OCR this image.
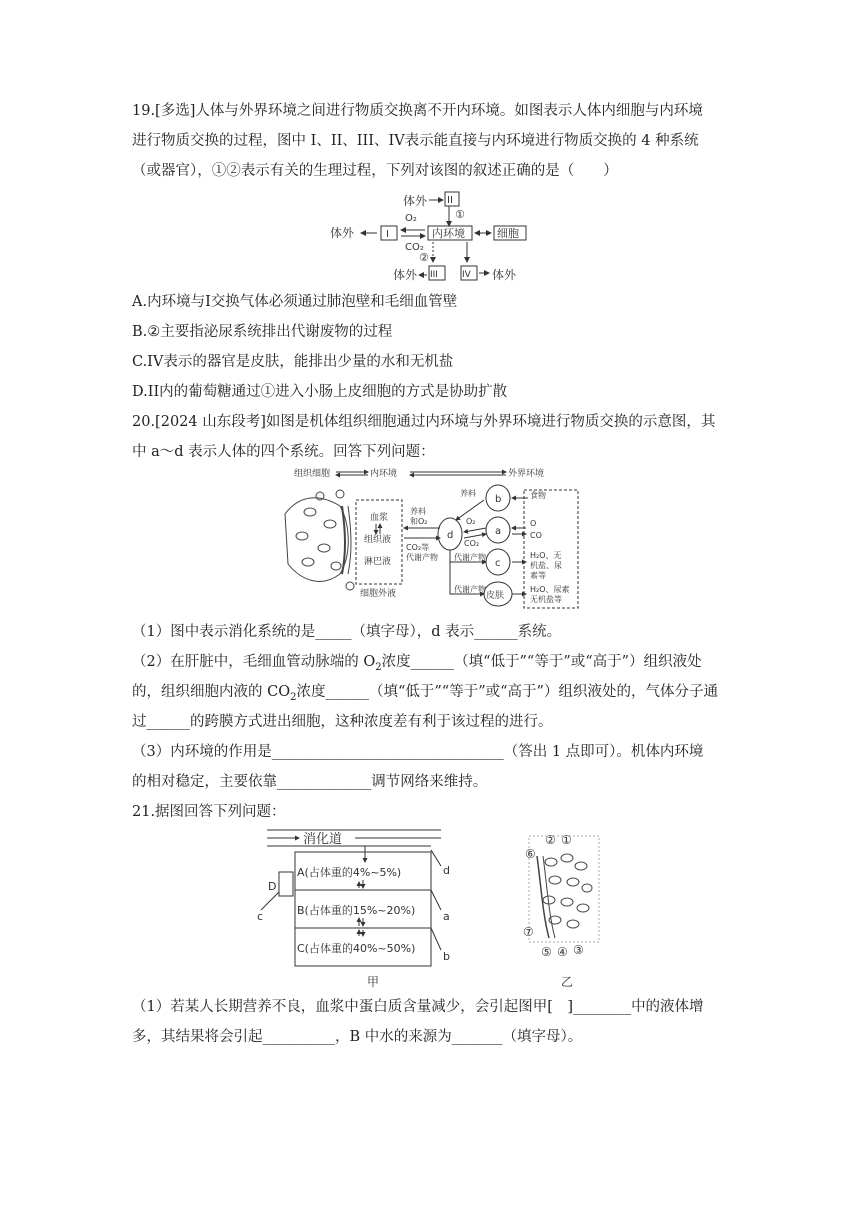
19.[多选]人体与外界环境之间进行物质交换离不开内环境。如图表示人体内细胞与内环境
进行物质交换的过程，图中 I、II、III、IV表示能直接与内环境进行物质交换的 4 种系统
（或器官），①②表示有关的生理过程，下列对该图的叙述正确的是（　　）
体外 II
①
体外	I
O₂
CO₂
内环境	细胞
②
体外 III	IV 体外
A.内环境与I交换气体必须通过肺泡壁和毛细血管壁
B.②主要指泌尿系统排出代谢废物的过程
C.IV表示的器官是皮肤，能排出少量的水和无机盐
D.II内的葡萄糖通过①进入小肠上皮细胞的方式是协助扩散
20.[2024 山东段考]如图是机体组织细胞通过内环境与外界环境进行物质交换的示意图，其
中 a～d 表示人体的四个系统。回答下列问题：
组织细胞	内环境	外界环境
血浆
组织液
淋巴液
细胞外液
养料
和O₂
CO₂等
代谢产物
d
b
a
c
皮肤
养料
O₂
CO₂
代谢产物
代谢产物
食物
O
CO
H₂O、无
机盐、尿
素等
H₂O、尿素
无机盐等
（1）图中表示消化系统的是_____（填字母），d 表示______系统。
（2）在肝脏中，毛细血管动脉端的 $O_2$浓度______（填“低于”“等于”或“高于”）组织液处
的，组织细胞内液的 $CO_2$浓度______（填“低于”“等于”或“高于”）组织液处的，气体分子通
过______的跨膜方式进出细胞，这种浓度差有利于该过程的进行。
（3）内环境的作用是________________________________（答出 1 点即可）。机体内环境
的相对稳定，主要依靠_____________调节网络来维持。
21.据图回答下列问题：
消化道
A(占体重的4%~5%)
B(占体重的15%~20%)
C(占体重的40%~50%)
D
c
d
a
b
甲
② ①
⑥
⑦
③
④
⑤
乙
（1）若某人长期营养不良，血浆中蛋白质含量减少，会引起图甲[　 ]________中的液体增
多，其结果将会引起__________，B 中水的来源为_______（填字母）。
